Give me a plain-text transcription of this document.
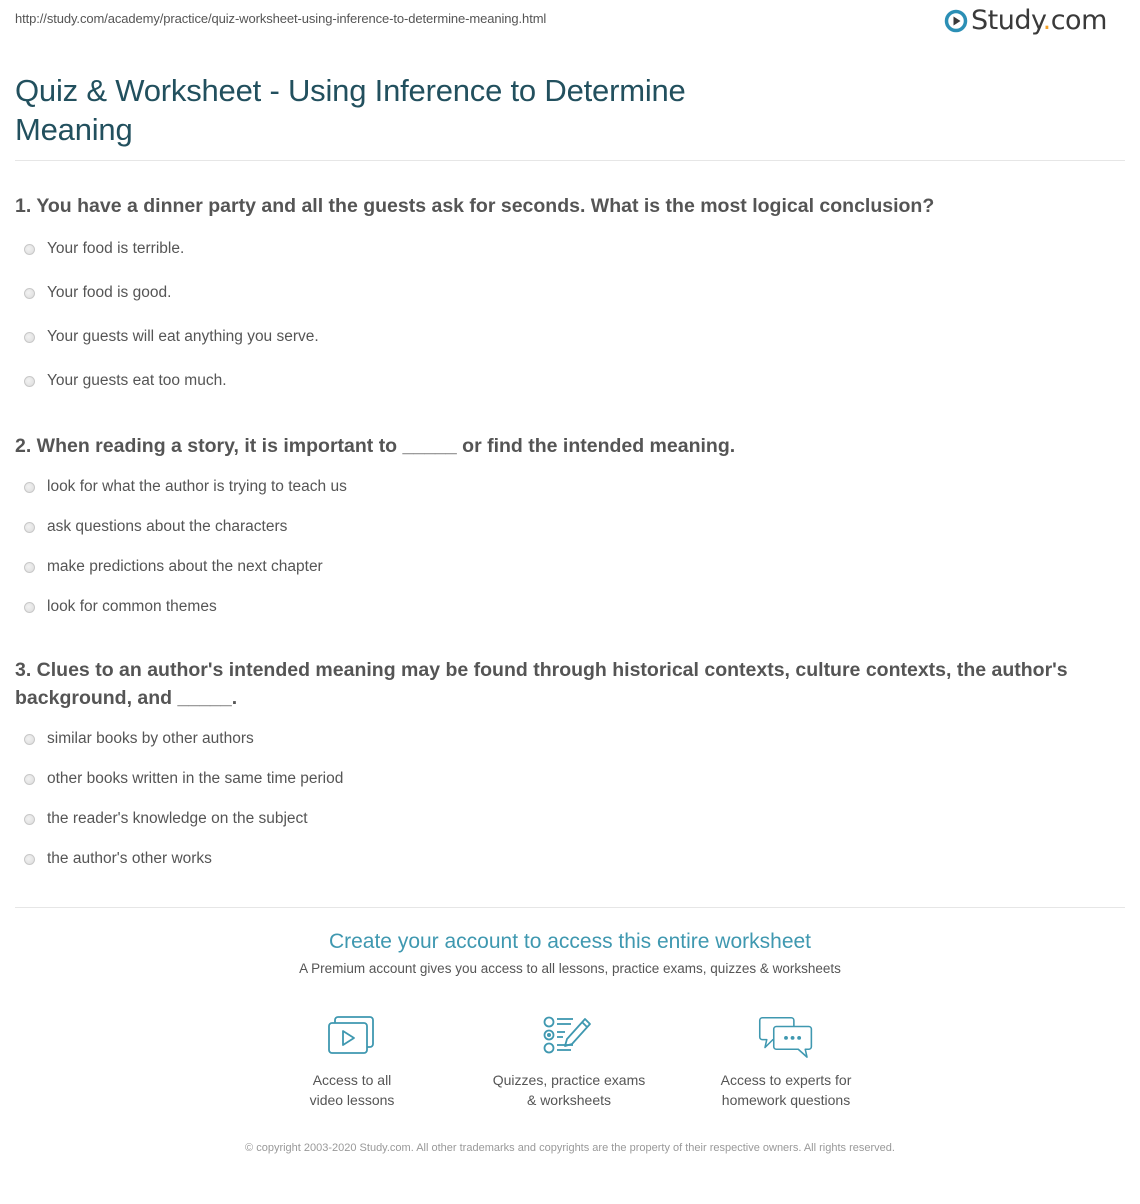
http://study.com/academy/practice/quiz-worksheet-using-inference-to-determine-meaning.html	Study.com
Quiz & Worksheet - Using Inference to Determine Meaning
1. You have a dinner party and all the guests ask for seconds. What is the most logical conclusion?
Your food is terrible.
Your food is good.
Your guests will eat anything you serve.
Your guests eat too much.
2. When reading a story, it is important to _____ or find the intended meaning.
look for what the author is trying to teach us
ask questions about the characters
make predictions about the next chapter
look for common themes
3. Clues to an author's intended meaning may be found through historical contexts, culture contexts, the author's background, and _____.
similar books by other authors
other books written in the same time period
the reader's knowledge on the subject
the author's other works
Create your account to access this entire worksheet
A Premium account gives you access to all lessons, practice exams, quizzes & worksheets
Access to all
video lessons
Quizzes, practice exams
& worksheets
Access to experts for
homework questions
© copyright 2003-2020 Study.com. All other trademarks and copyrights are the property of their respective owners. All rights reserved.
